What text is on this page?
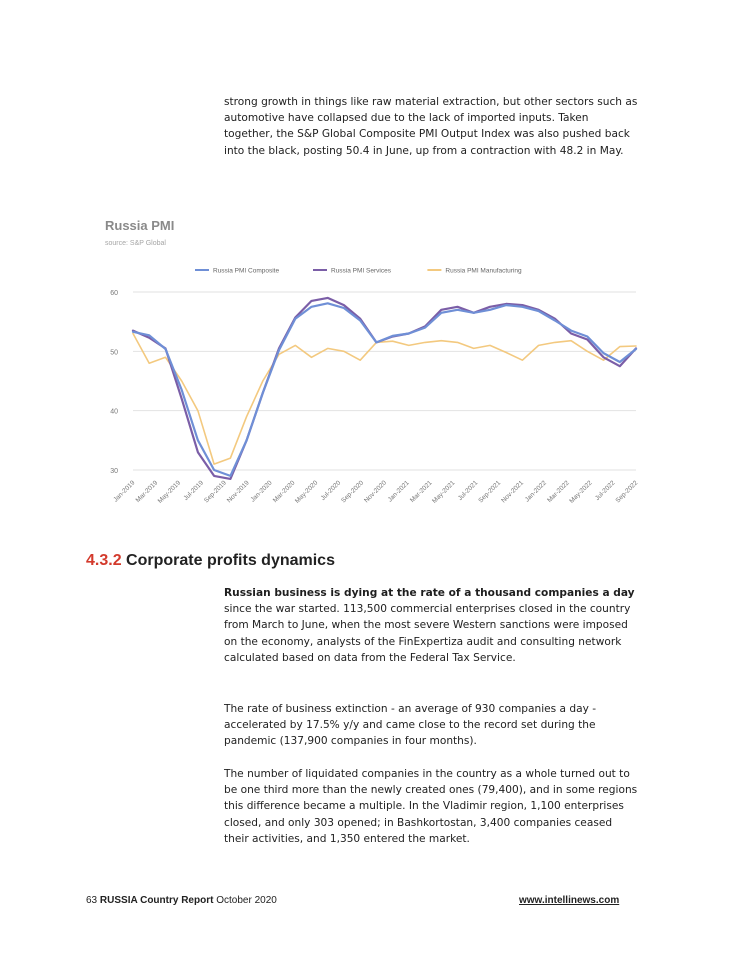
strong growth in things like raw material extraction, but other sectors such as automotive have collapsed due to the lack of imported inputs. Taken together, the S&P Global Composite PMI Output Index was also pushed back into the black, posting 50.4 in June, up from a contraction with 48.2 in May.
Russia PMI
source: S&P Global
60
50
40
30
Russia PMI Composite	Russia PMI Services	Russia PMI Manufacturing
Jan-2019
Mar-2019
May-2019 Jul-2019
Sep-2019
Nov-2019
Jan-2020
Mar-2020
May-2020 Jul-2020
Sep-2020
Nov-2020
Jan-2021
Mar-2021
May-2021 Jul-2021
Sep-2021
Nov-2021
Jan-2022
Mar-2022
May-2022 Jul-2022
Sep-2022
4.3.2 Corporate profits dynamics
Russian business is dying at the rate of a thousand companies a day since the war started. 113,500 commercial enterprises closed in the country from March to June, when the most severe Western sanctions were imposed on the economy, analysts of the FinExpertiza audit and consulting network calculated based on data from the Federal Tax Service.
The rate of business extinction - an average of 930 companies a day - accelerated by 17.5% y/y and came close to the record set during the pandemic (137,900 companies in four months).
The number of liquidated companies in the country as a whole turned out to be one third more than the newly created ones (79,400), and in some regions this difference became a multiple. In the Vladimir region, 1,100 enterprises closed, and only 303 opened; in Bashkortostan, 3,400 companies ceased their activities, and 1,350 entered the market.
63 RUSSIA Country Report October 2020	www.intellinews.com
